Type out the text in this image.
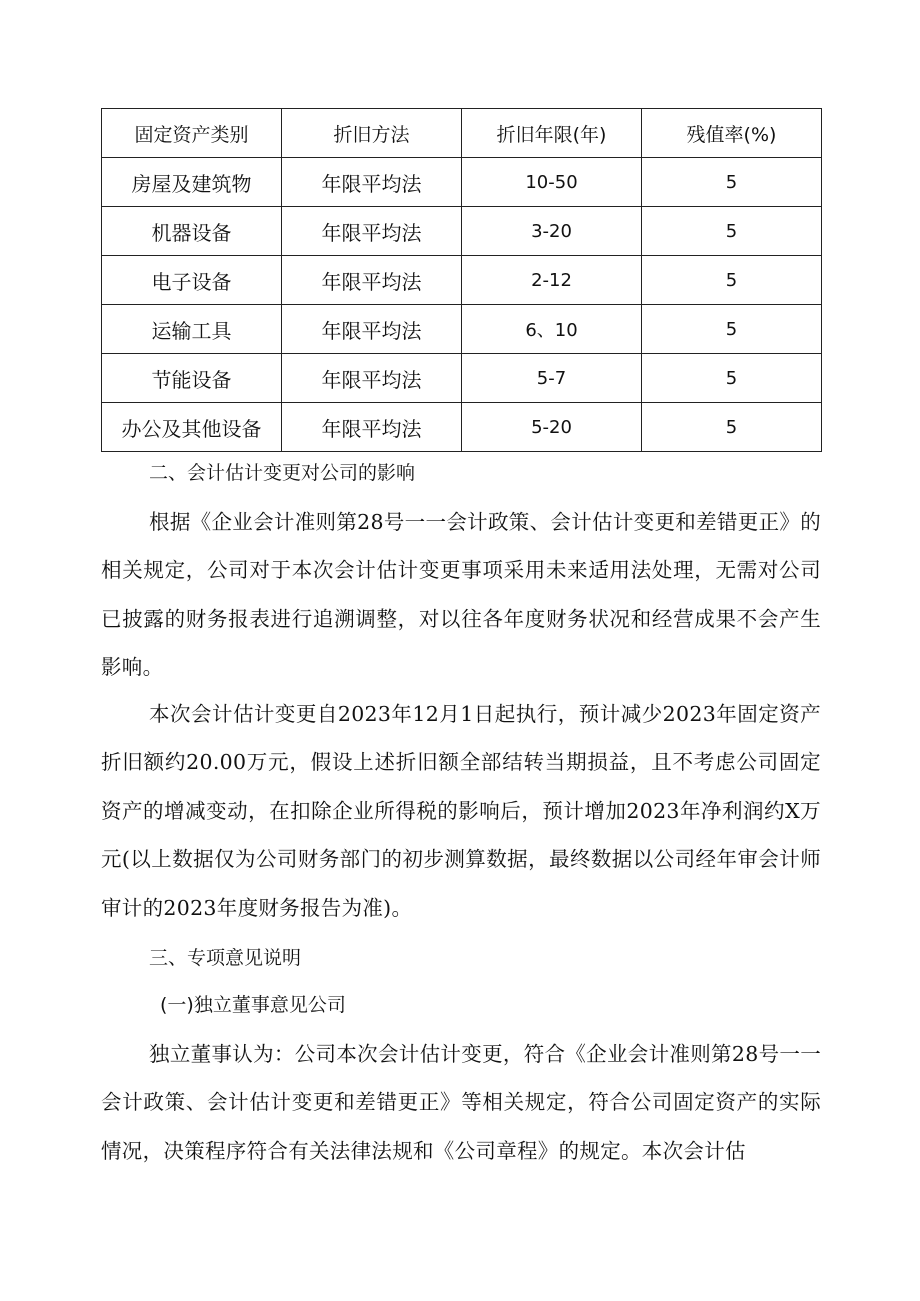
固定资产类别	折旧方法	折旧年限(年)	残值率(%)
房屋及建筑物	年限平均法	10-50	5
机器设备	年限平均法	3-20	5
电子设备	年限平均法	2-12	5
运输工具	年限平均法	6、10	5
节能设备	年限平均法	5-7	5
办公及其他设备	年限平均法	5-20	5
二、会计估计变更对公司的影响
根据《企业会计准则第28号一一会计政策、会计估计变更和差错更正》的相关规定，公司对于本次会计估计变更事项采用未来适用法处理，无需对公司已披露的财务报表进行追溯调整，对以往各年度财务状况和经营成果不会产生影响。
本次会计估计变更自2023年12月1日起执行，预计减少2023年固定资产折旧额约20.00万元，假设上述折旧额全部结转当期损益，且不考虑公司固定资产的增减变动，在扣除企业所得税的影响后，预计增加2023年净利润约X万元(以上数据仅为公司财务部门的初步测算数据，最终数据以公司经年审会计师审计的2023年度财务报告为准)。
三、专项意见说明
(一)独立董事意见公司
独立董事认为：公司本次会计估计变更，符合《企业会计准则第28号一一会计政策、会计估计变更和差错更正》等相关规定，符合公司固定资产的实际情况，决策程序符合有关法律法规和《公司章程》的规定。本次会计估
